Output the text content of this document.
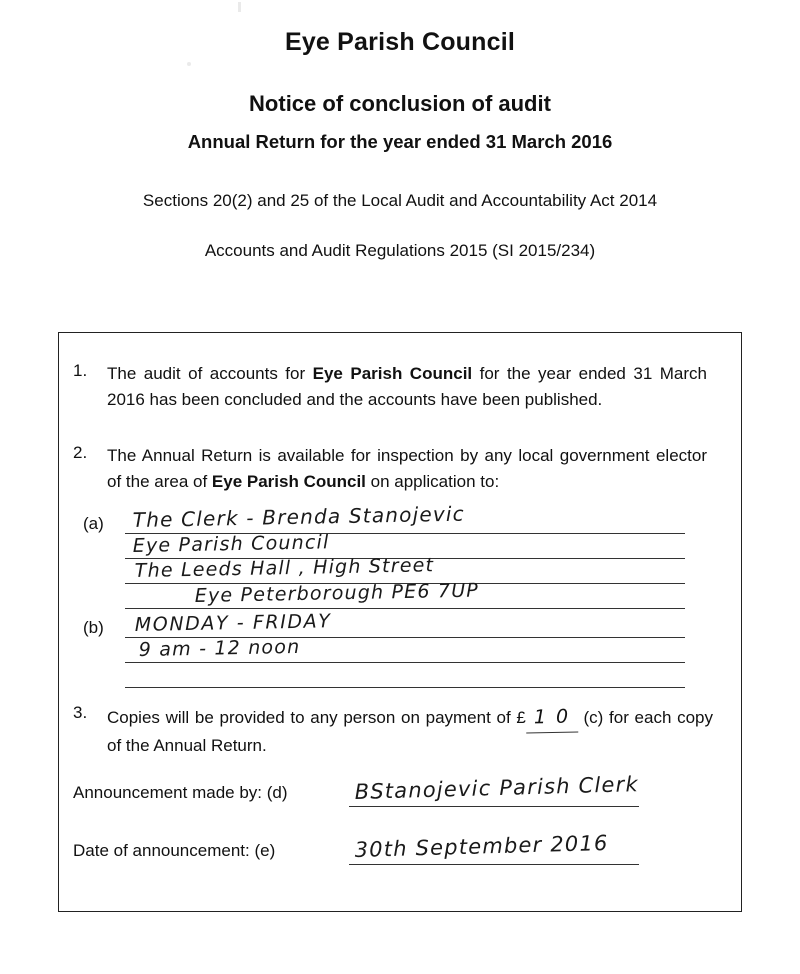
Eye Parish Council
Notice of conclusion of audit
Annual Return for the year ended 31 March 2016
Sections 20(2) and 25 of the Local Audit and Accountability Act 2014
Accounts and Audit Regulations 2015 (SI 2015/234)
1.	The audit of accounts for Eye Parish Council for the year ended 31 March 2016 has been concluded and the accounts have been published.
2.	The Annual Return is available for inspection by any local government elector of the area of Eye Parish Council on application to:
(a) The Clerk - Brenda Stanojevic
Eye Parish Council
The Leeds Hall , High Street
Eye Peterborough PE6 7UP
(b) MONDAY - FRIDAY
9 am - 12 noon
3.	Copies will be provided to any person on payment of £ 1 0 (c) for each copy of the Annual Return.
Announcement made by: (d)	BStanojevic Parish Clerk
Date of announcement: (e)	30th September 2016
